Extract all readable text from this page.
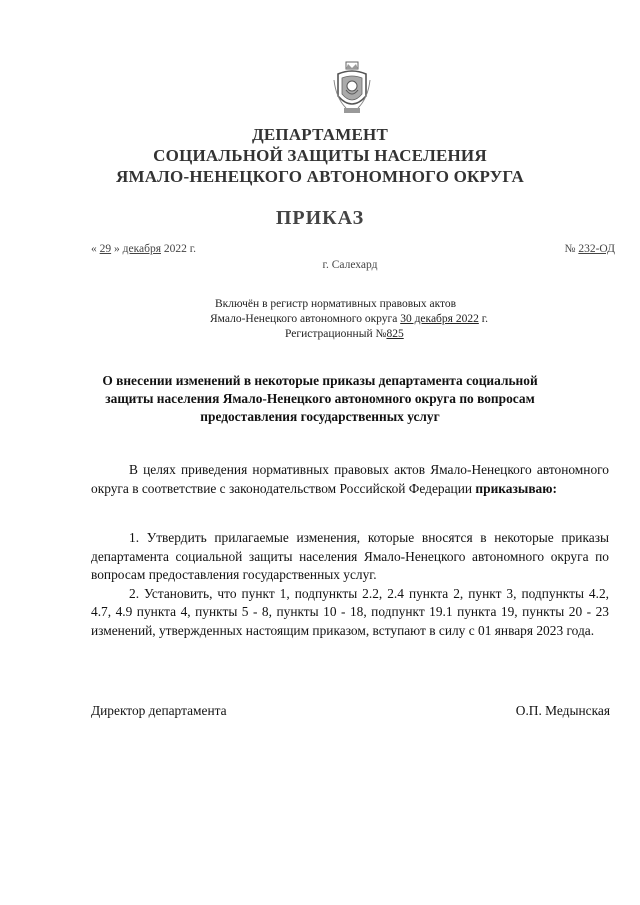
ДЕПАРТАМЕНТ
СОЦИАЛЬНОЙ ЗАЩИТЫ НАСЕЛЕНИЯ
ЯМАЛО-НЕНЕЦКОГО АВТОНОМНОГО ОКРУГА
ПРИКАЗ
« 29 » декабря 2022 г.	№ 232-ОД
г. Салехард
Включён в регистр нормативных правовых актов
Ямало-Ненецкого автономного округа 30 декабря 2022 г.
Регистрационный №825
О внесении изменений в некоторые приказы департамента социальной защиты населения Ямало-Ненецкого автономного округа по вопросам предоставления государственных услуг

В целях приведения нормативных правовых актов Ямало-Ненецкого автономного округа в соответствие с законодательством Российской Федерации приказываю:

1. Утвердить прилагаемые изменения, которые вносятся в некоторые приказы департамента социальной защиты населения Ямало-Ненецкого автономного округа по вопросам предоставления государственных услуг.

2. Установить, что пункт 1, подпункты 2.2, 2.4 пункта 2, пункт 3, подпункты 4.2, 4.7, 4.9 пункта 4, пункты 5 - 8, пункты 10 - 18, подпункт 19.1 пункта 19, пункты 20 - 23 изменений, утвержденных настоящим приказом, вступают в силу с 01 января 2023 года.

Директор департамента	О.П. Медынская
